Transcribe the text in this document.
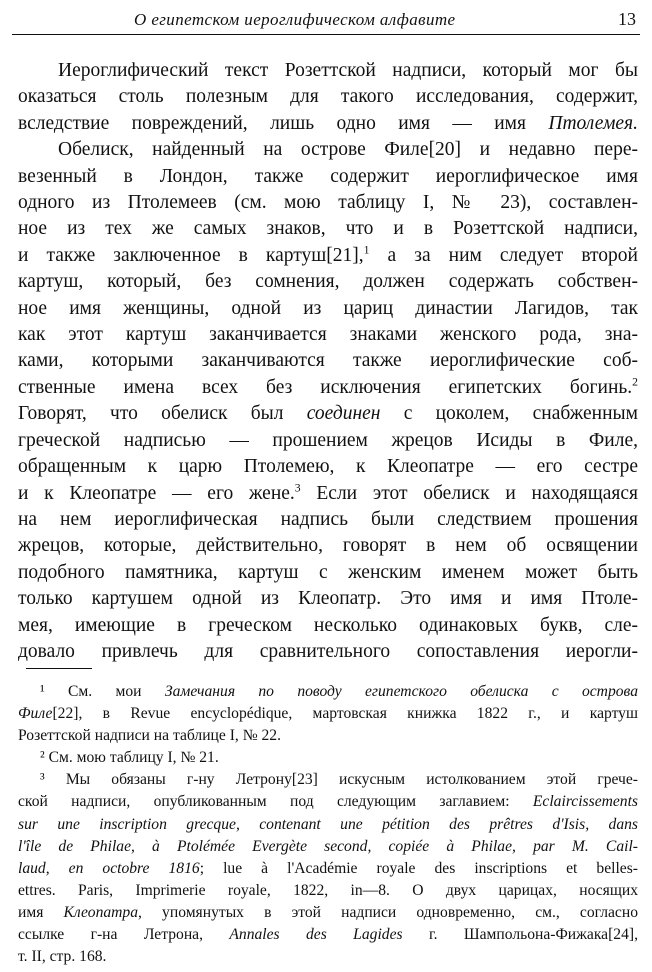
О египетском иероглифическом алфавите	13

Иероглифический текст Розеттской надписи, который мог бы

оказаться столь полезным для такого исследования, содержит,

вследствие повреждений, лишь одно имя — имя Птолемея.

Обелиск, найденный на острове Филе[20] и недавно пере-

везенный в Лондон, также содержит иероглифическое имя

одного из Птолемеев (см. мою таблицу I, № 23), составлен-

ное из тех же самых знаков, что и в Розеттской надписи,

и также заключенное в картуш[21],$^1$ а за ним следует второй

картуш, который, без сомнения, должен содержать собствен-

ное имя женщины, одной из цариц династии Лагидов, так

как этот картуш заканчивается знаками женского рода, зна-

ками, которыми заканчиваются также иероглифические соб-

ственные имена всех без исключения египетских богинь.$^2$

Говорят, что обелиск был соединен с цоколем, снабженным

греческой надписью — прошением жрецов Исиды в Филе,

обращенным к царю Птолемею, к Клеопатре — его сестре

и к Клеопатре — его жене.$^3$ Если этот обелиск и находящаяся

на нем иероглифическая надпись были следствием прошения

жрецов, которые, действительно, говорят в нем об освящении

подобного памятника, картуш с женским именем может быть

только картушем одной из Клеопатр. Это имя и имя Птоле-

мея, имеющие в греческом несколько одинаковых букв, сле-

довало привлечь для сравнительного сопоставления иерогли-

¹ См. мои Замечания по поводу египетского обелиска с острова

Филе[22], в Revue encyclopédique, мартовская книжка 1822 г., и картуш

Розеттской надписи на таблице I, № 22.

² См. мою таблицу I, № 21.

³ Мы обязаны г-ну Летрону[23] искусным истолкованием этой грече-

ской надписи, опубликованным под следующим заглавием: Eclaircissements

sur une inscription grecque, contenant une pétition des prêtres d'Isis, dans

l'île de Philae, à Ptolémée Evergète second, copiée à Philae, par M. Cail-

laud, en octobre 1816; lue à l'Académie royale des inscriptions et belles-

ettres. Paris, Imprimerie royale, 1822, in—8. О двух царицах, носящих

имя Клеопатра, упомянутых в этой надписи одновременно, см., согласно

ссылке г-на Летрона, Annales des Lagides г. Шампольона-Фижака[24],

т. II, стр. 168.
